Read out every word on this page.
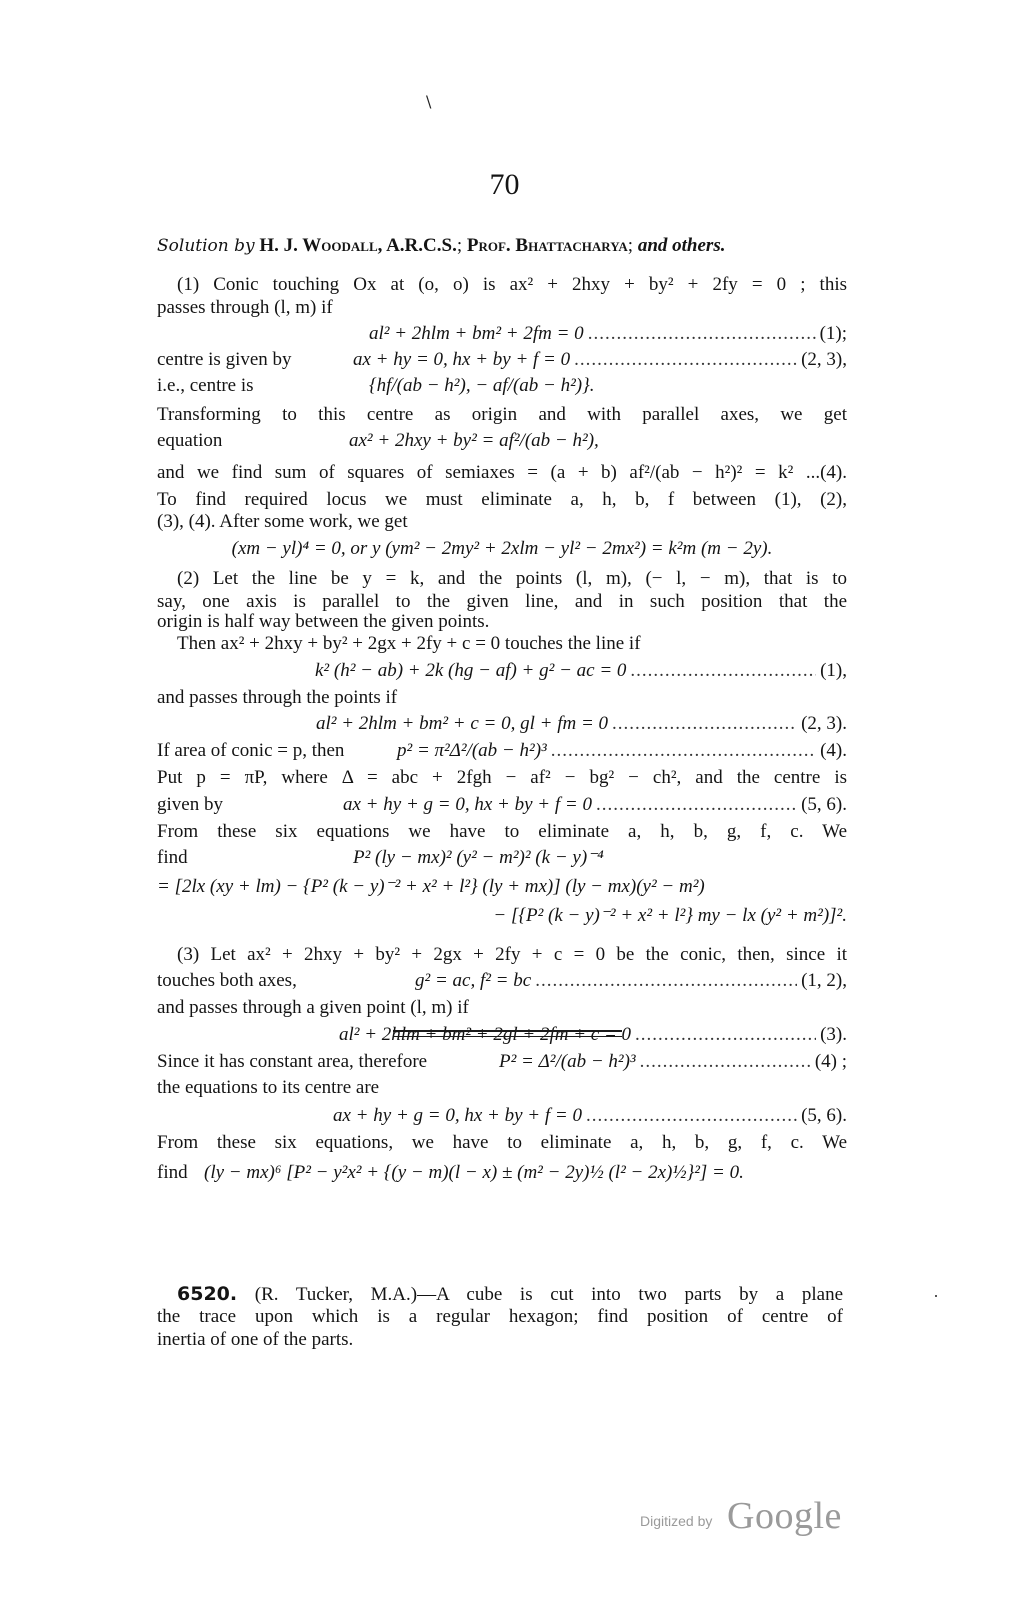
\
70
Solution by H. J. Woodall, A.R.C.S.; Prof. Bhattacharya; and others.
(1) Conic touching Ox at (o, o) is ax² + 2hxy + by² + 2fy = 0 ; this
passes through (l, m) if
al² + 2hlm + bm² + 2fm = 0 .....	(1);
centre is given by	ax + hy = 0, hx + by + f = 0 .....	(2, 3),
i.e., centre is	{hf/(ab − h²), − af/(ab − h²)}.
Transforming to this centre as origin and with parallel axes, we get
equation	ax² + 2hxy + by² = af²/(ab − h²),
and we find sum of squares of semiaxes = (a + b) af²/(ab − h²)² = k² ...(4).
To find required locus we must eliminate a, h, b, f between (1), (2),
(3), (4). After some work, we get
(xm − yl)⁴ = 0, or y (ym² − 2my² + 2xlm − yl² − 2mx²) = k²m (m − 2y).
(2) Let the line be y = k, and the points (l, m), (− l, − m), that is to
say, one axis is parallel to the given line, and in such position that the
origin is half way between the given points.
Then ax² + 2hxy + by² + 2gx + 2fy + c = 0 touches the line if
k² (h² − ab) + 2k (hg − af) + g² − ac = 0 .....	(1),
and passes through the points if
al² + 2hlm + bm² + c = 0, gl + fm = 0 .....	(2, 3).
If area of conic = p, then	p² = π²Δ²/(ab − h²)³ .....	(4).
Put p = πP, where Δ = abc + 2fgh − af² − bg² − ch², and the centre is
given by	ax + hy + g = 0, hx + by + f = 0 .....	(5, 6).
From these six equations we have to eliminate a, h, b, g, f, c. We
find	P² (ly − mx)² (y² − m²)² (k − y)⁻⁴
= [2lx (xy + lm) − {P² (k − y)⁻² + x² + l²} (ly + mx)] (ly − mx)(y² − m²)
− [{P² (k − y)⁻² + x² + l²} my − lx (y² + m²)]².
(3) Let ax² + 2hxy + by² + 2gx + 2fy + c = 0 be the conic, then, since it
touches both axes,	g² = ac, f² = bc .....	(1, 2),
and passes through a given point (l, m) if
al² + 2hlm + bm² + 2gl + 2fm + c = 0 .....	(3).
Since it has constant area, therefore	P² = Δ²/(ab − h²)³ .....	(4) ;
the equations to its centre are
ax + hy + g = 0, hx + by + f = 0 .....	(5, 6).
From these six equations, we have to eliminate a, h, b, g, f, c. We
find (ly − mx)⁶ [P² − y²x² + {(y − m)(l − x) ± (m² − 2y)½ (l² − 2x)½}²] = 0.
6520. (R. Tucker, M.A.)—A cube is cut into two parts by a plane
the trace upon which is a regular hexagon; find position of centre of
inertia of one of the parts.
Digitized by Google
